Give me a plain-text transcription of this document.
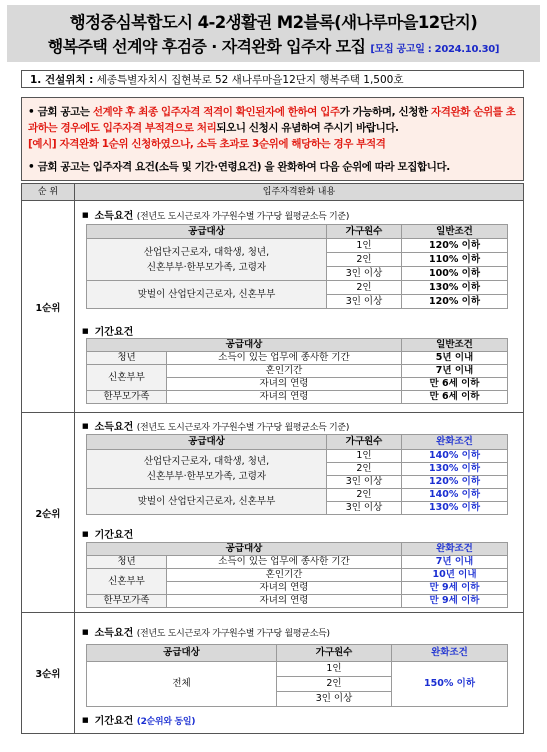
행정중심복합도시 4-2생활권 M2블록(새나루마을12단지)
행복주택 선계약 후검증 · 자격완화 입주자 모집 [모집 공고일 : 2024.10.30]
1. 건설위치 : 세종특별자치시 집현북로 52 새나루마을12단지 행복주택 1,500호
• 금회 공고는 선계약 후 최종 입주자격 적격이 확인된자에 한하여 입주가 가능하며, 신청한 자격완화 순위를 초과하는 경우에도 입주자격 부적격으로 처리되오니 신청시 유념하여 주시기 바랍니다.
[예시] 자격완화 1순위 신청하였으나, 소득 초과로 3순위에 해당하는 경우 부적격
• 금회 공고는 입주자격 요건(소득 및 기간·연령요건) 을 완화하여 다음 순위에 따라 모집합니다.
순 위	입주자격완화 내용
1순위
■ 소득요건 (전년도 도시근로자 가구원수별 가구당 월평균소득 기준)
공급대상	가구원수	일반조건
산업단지근로자, 대학생, 청년,
신혼부부·한부모가족, 고령자	1인	120% 이하
	2인	110% 이하
	3인 이상	100% 이하
맞벌이 산업단지근로자, 신혼부부	2인	130% 이하
	3인 이상	120% 이하
■ 기간요건
공급대상		일반조건
청년	소득이 있는 업무에 종사한 기간	5년 이내
신혼부부	혼인기간	7년 이내
	자녀의 연령	만 6세 이하
한부모가족	자녀의 연령	만 6세 이하
2순위
■ 소득요건 (전년도 도시근로자 가구원수별 가구당 월평균소득 기준)
공급대상	가구원수	완화조건
산업단지근로자, 대학생, 청년,
신혼부부·한부모가족, 고령자	1인	140% 이하
	2인	130% 이하
	3인 이상	120% 이하
맞벌이 산업단지근로자, 신혼부부	2인	140% 이하
	3인 이상	130% 이하
■ 기간요건
공급대상		완화조건
청년	소득이 있는 업무에 종사한 기간	7년 이내
신혼부부	혼인기간	10년 이내
	자녀의 연령	만 9세 이하
한부모가족	자녀의 연령	만 9세 이하
3순위
■ 소득요건 (전년도 도시근로자 가구원수별 가구당 월평균소득)
공급대상	가구원수	완화조건
전체	1인	150% 이하
	2인	
	3인 이상	
■ 기간요건 (2순위와 동일)
